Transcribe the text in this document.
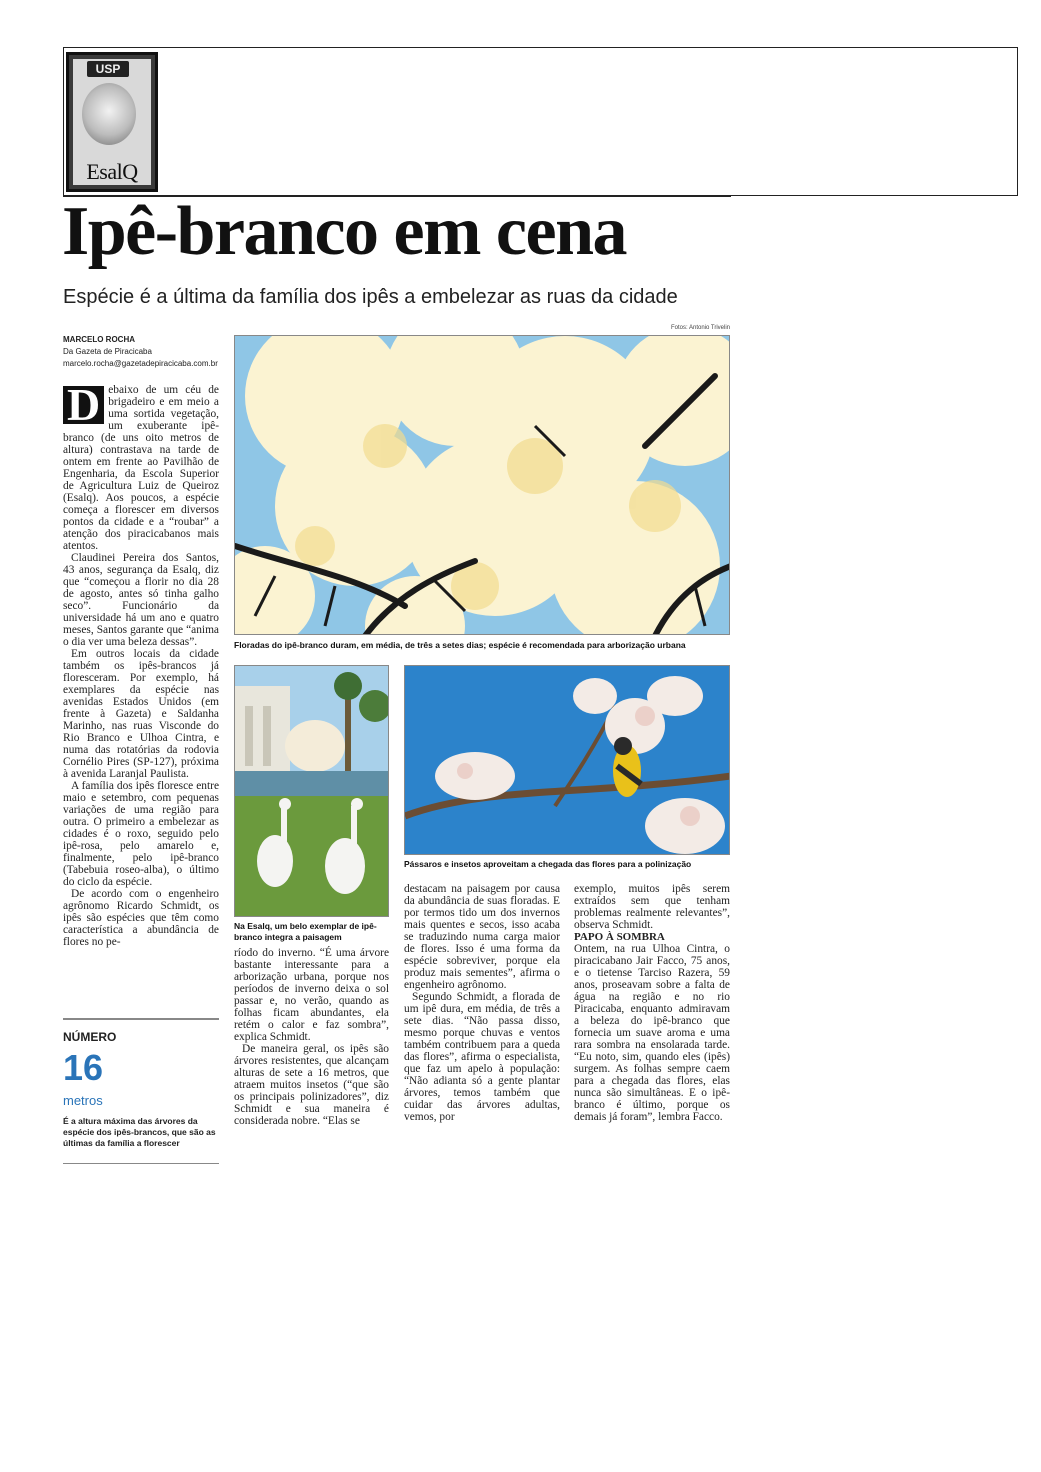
USP
EsalQ
Ipê-branco em cena
Espécie é a última da família dos ipês a embelezar as ruas da cidade
MARCELO ROCHA
Da Gazeta de Piracicaba
marcelo.rocha@gazetadepiracicaba.com.br

D ebaixo de um céu de brigadeiro e em meio a uma sortida vegetação, um exuberante ipê-branco (de uns oito metros de altura) contrastava na tarde de ontem em frente ao Pavilhão de Engenharia, da Escola Superior de Agricultura Luiz de Queiroz (Esalq). Aos poucos, a espécie começa a florescer em diversos pontos da cidade e a “roubar” a atenção dos piracicabanos mais atentos.

Claudinei Pereira dos Santos, 43 anos, segurança da Esalq, diz que “começou a florir no dia 28 de agosto, antes só tinha galho seco”. Funcionário da universidade há um ano e quatro meses, Santos garante que “anima o dia ver uma beleza dessas”.

Em outros locais da cidade também os ipês-brancos já floresceram. Por exemplo, há exemplares da espécie nas avenidas Estados Unidos (em frente à Gazeta) e Saldanha Marinho, nas ruas Visconde do Rio Branco e Ulhoa Cintra, e numa das rotatórias da rodovia Cornélio Pires (SP-127), próxima à avenida Laranjal Paulista.

A família dos ipês floresce entre maio e setembro, com pequenas variações de uma região para outra. O primeiro a embelezar as cidades é o roxo, seguido pelo ipê-rosa, pelo amarelo e, finalmente, pelo ipê-branco (Tabebuia roseo-alba), o último do ciclo da espécie.

De acordo com o engenheiro agrônomo Ricardo Schmidt, os ipês são espécies que têm como característica a abundância de flores no pe-

Fotos: Antonio Trivelin
Floradas do ipê-branco duram, em média, de três a setes dias; espécie é recomendada para arborização urbana
Na Esalq, um belo exemplar de ipê-branco integra a paisagem
Pássaros e insetos aproveitam a chegada das flores para a polinização

ríodo do inverno. “É uma árvore bastante interessante para a arborização urbana, porque nos períodos de inverno deixa o sol passar e, no verão, quando as folhas ficam abundantes, ela retém o calor e faz sombra”, explica Schmidt.

De maneira geral, os ipês são árvores resistentes, que alcançam alturas de sete a 16 metros, que atraem muitos insetos (“que são os principais polinizadores”, diz Schmidt e sua maneira é considerada nobre. “Elas se

destacam na paisagem por causa da abundância de suas floradas. E por termos tido um dos invernos mais quentes e secos, isso acaba se traduzindo numa carga maior de flores. Isso é uma forma da espécie sobreviver, porque ela produz mais sementes”, afirma o engenheiro agrônomo.

Segundo Schmidt, a florada de um ipê dura, em média, de três a sete dias. “Não passa disso, mesmo porque chuvas e ventos também contribuem para a queda das flores”, afirma o especialista, que faz um apelo à população: “Não adianta só a gente plantar árvores, temos também que cuidar das árvores adultas, vemos, por

exemplo, muitos ipês serem extraídos sem que tenham problemas realmente relevantes”, observa Schmidt.

PAPO À SOMBRA

Ontem, na rua Ulhoa Cintra, o piracicabano Jair Facco, 75 anos, e o tietense Tarciso Razera, 59 anos, proseavam sobre a falta de água na região e no rio Piracicaba, enquanto admiravam a beleza do ipê-branco que fornecia um suave aroma e uma rara sombra na ensolarada tarde. “Eu noto, sim, quando eles (ipês) surgem. As folhas sempre caem para a chegada das flores, elas nunca são simultâneas. E o ipê-branco é último, porque os demais já foram”, lembra Facco.

NÚMERO
16
metros
É a altura máxima das árvores da espécie dos ipês-brancos, que são as últimas da família a florescer
